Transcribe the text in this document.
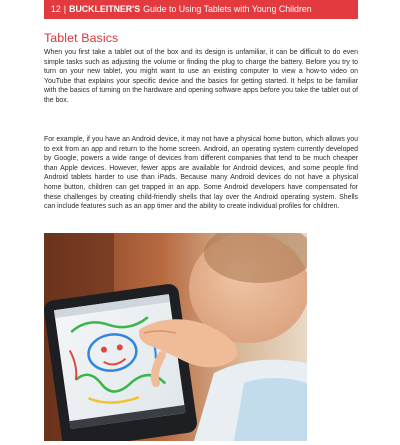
12 | BUCKLEITNER'S Guide to Using Tablets with Young Children
Tablet Basics

When you first take a tablet out of the box and its design is unfamiliar, it can be difficult to do even simple tasks such as adjusting the volume or finding the plug to charge the battery. Before you try to turn on your new tablet, you might want to use an existing computer to view a how-to video on YouTube that explains your specific device and the basics for getting started. It helps to be familiar with the basics of turning on the hardware and opening software apps before you take the tablet out of the box.

For example, if you have an Android device, it may not have a physical home button, which allows you to exit from an app and return to the home screen. Android, an operating system currently developed by Google, powers a wide range of devices from different companies that tend to be much cheaper than Apple devices. However, fewer apps are available for Android devices, and some people find Android tablets harder to use than iPads. Because many Android devices do not have a physical home button, children can get trapped in an app. Some Android developers have compensated for these challenges by creating child-friendly shells that lay over the Android operating system. Shells can include features such as an app timer and the ability to create individual profiles for children.
